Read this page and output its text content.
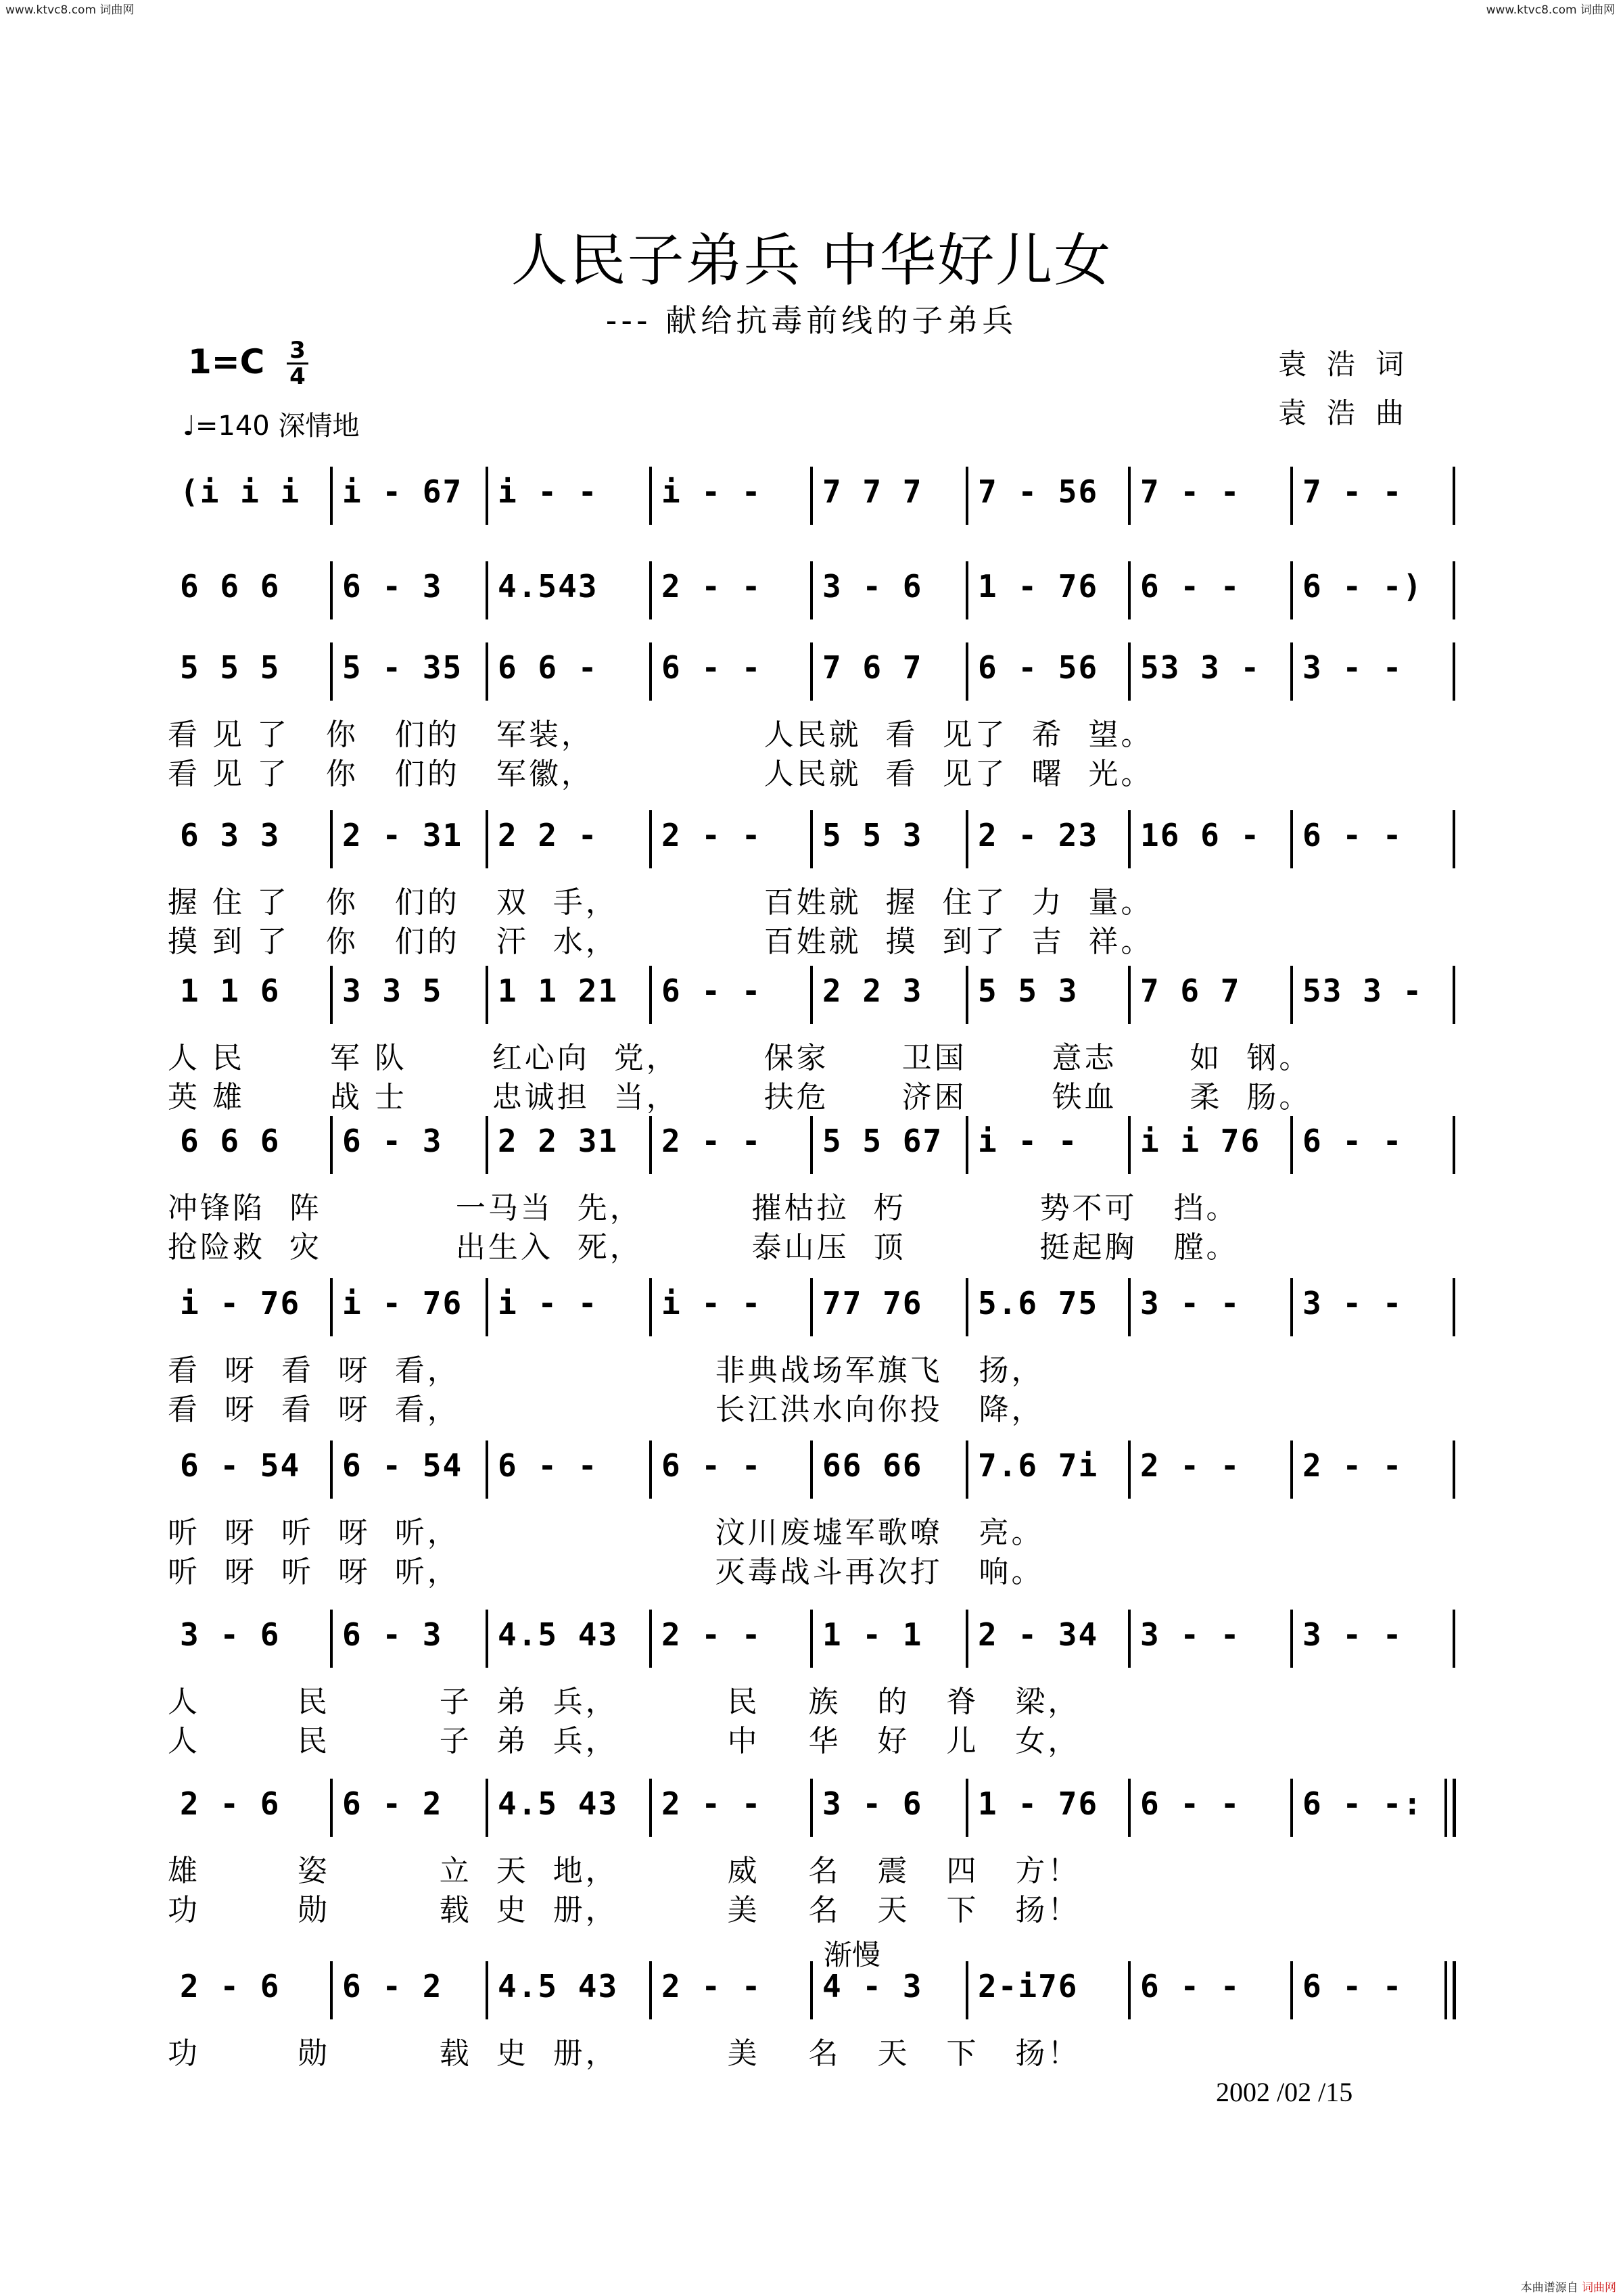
www.ktvc8.com 词曲网	www.ktvc8.com 词曲网
人民子弟兵 中华好儿女
--- 献给抗毒前线的子弟兵
1=C 3
4
♩=140 深情地
袁浩词
袁浩曲
(i i i i - 67 i - - i - - 7 7 7 7 - 56 7 - - 7 - -
6 6 6 6 - 3 4.543 2 - - 3 - 6 1 - 76 6 - - 6 - -)
5 5 5 5 - 35 6 6 - 6 - - 7 6 7 6 - 56 53 3 - 3 - -
看 见 了   你   们的   军装，              人民就  看  见了  希  望。
看 见 了   你   们的   军徽，              人民就  看  见了  曙  光。
6 3 3 2 - 31 2 2 - 2 - - 5 5 3 2 - 23 16 6 - 6 - -
握 住 了   你   们的   双  手，            百姓就  握  住了  力  量。
摸 到 了   你   们的   汗  水，            百姓就  摸  到了  吉  祥。
1 1 6 3 3 5 1 1 21 6 - - 2 2 3 5 5 3 7 6 7 53 3 -
人 民       军 队       红心向  党，       保家      卫国       意志      如  钢。
英 雄       战 士       忠诚担  当，       扶危      济困       铁血      柔  肠。
6 6 6 6 - 3 2 2 31 2 - - 5 5 67 i - - i i 76 6 - -
冲锋陷  阵           一马当  先，         摧枯拉  朽           势不可   挡。
抢险救  灾           出生入  死，         泰山压  顶           挺起胸   膛。
i - 76 i - 76 i - - i - - 77 76 5.6 75 3 - - 3 - -
看  呀  看  呀  看，                     非典战场军旗飞   扬，
看  呀  看  呀  看，                     长江洪水向你投   降，
6 - 54 6 - 54 6 - - 6 - - 66 66 7.6 7i 2 - - 2 - -
听  呀  听  呀  听，                     汶川废墟军歌嘹   亮。
听  呀  听  呀  听，                     灭毒战斗再次打   响。
3 - 6 6 - 3 4.5 43 2 - - 1 - 1 2 - 34 3 - - 3 - -
人        民         子  弟  兵，         民    族   的   脊   梁，
人        民         子  弟  兵，         中    华   好   儿   女，
2 - 6 6 - 2 4.5 43 2 - - 3 - 6 1 - 76 6 - - 6 - -:
雄        姿         立  天  地，         威    名   震   四   方！
功        勋         载  史  册，         美    名   天   下   扬！
2 - 6 6 - 2 4.5 43 2 - - 4 - 3 2-i76 6 - - 6 - -
功        勋         载  史  册，         美    名   天   下   扬！
渐慢
2002 /02 /15
本曲谱源自 词曲网
